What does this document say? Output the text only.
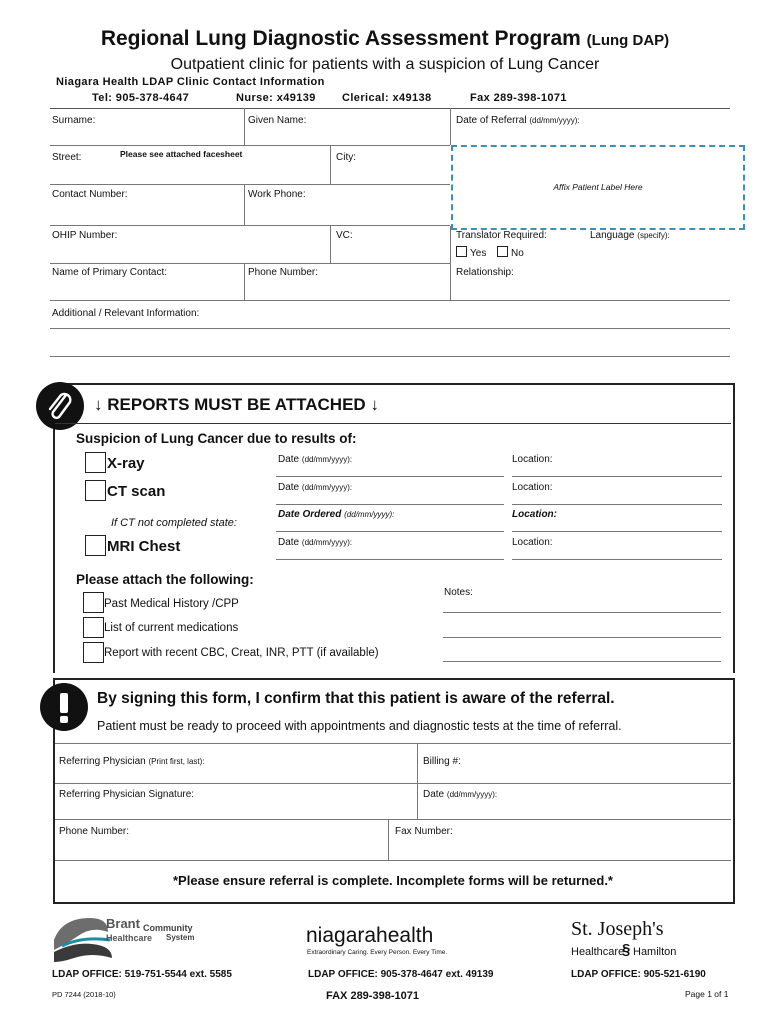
Regional Lung Diagnostic Assessment Program (Lung DAP)
Outpatient clinic for patients with a suspicion of Lung Cancer
Niagara Health LDAP Clinic Contact Information
Tel: 905-378-4647	Nurse: x49139 Clerical: x49138	Fax 289-398-1071
Surname:	Given Name:	Date of Referral (dd/mm/yyyy):
Street:	Please see attached facesheet	City:
Affix Patient Label Here
Contact Number:	Work Phone:
OHIP Number:	VC:	Translator Required:	Language (specify):
Yes No
Name of Primary Contact:	Phone Number:	Relationship:
Additional / Relevant Information:
↓ REPORTS MUST BE ATTACHED ↓
Suspicion of Lung Cancer due to results of:
X-ray	Date (dd/mm/yyyy):	Location:
CT scan	Date (dd/mm/yyyy):	Location:
If CT not completed state:
Date Ordered (dd/mm/yyyy):	Location:
MRI Chest	Date (dd/mm/yyyy):	Location:
Please attach the following:
Past Medical History /CPP
List of current medications
Report with recent CBC, Creat, INR, PTT (if available)
Notes:
By signing this form, I confirm that this patient is aware of the referral.
Patient must be ready to proceed with appointments and diagnostic tests at the time of referral.
Referring Physician (Print first, last):	Billing #:
Referring Physician Signature:	Date (dd/mm/yyyy):
Phone Number:	Fax Number:
*Please ensure referral is complete. Incomplete forms will be returned.*
Brant Community
Healthcare System	niagarahealth
Extraordinary Caring. Every Person. Every Time.
St. Joseph's
Healthcare
§ Hamilton
LDAP OFFICE: 519-751-5544 ext. 5585	LDAP OFFICE: 905-378-4647 ext. 49139	LDAP OFFICE: 905-521-6190
PD 7244 (2018-10)	FAX 289-398-1071	Page 1 of 1
